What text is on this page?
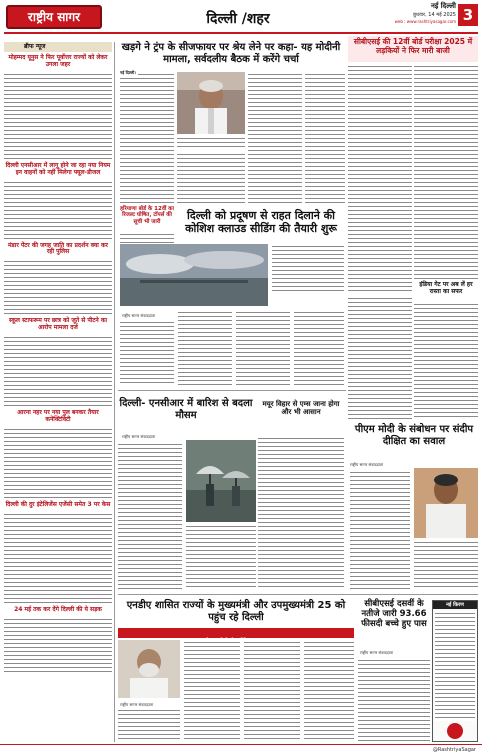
राष्ट्रीय सागर	दिल्ली /शहर
नई दिल्ली
बुधवार, 14 मई 2025
web : www.rashtriyasagar.com 3
ब्रीफ न्यूज
मोहम्मद यूनुस ने फिर पूर्वोत्तर राज्यों को लेकर उगला जहर
दिल्ली एनसीआर में लागू होने जा रहा नया नियम इन वाहनों को नहीं मिलेगा फ्यूल-डीजल
मंडार पेंटर की जगह जाति का प्रदर्शन क्या कर रही पुलिस
स्कूल स्टाफरूम पर छात्र को जूते से पीटने का आरोप मामला दर्ज
आरना नहर पर नया पुल बनकर तैयार कनेक्टिविटी
दिल्ली की दुर इंटेलिजेंस एजेंसी समेत 3 पर केस
24 मई तक कर देंगे दिल्ली की ये सड़क
खड़गे ने ट्रंप के सीजफायर पर श्रेय लेने पर कहा- यह मोदीनी मामला, सर्वदलीय बैठक में करेंगे चर्चा
नई दिल्ली।
सीबीएसई की 12वीं बोर्ड परीक्षा 2025 में लड़कियों ने फिर मारी बाजी
हरियाणा बोर्ड के 12वीं का रिजल्ट घोषित, टॉपर्स की सूची भी जारी	दिल्ली को प्रदूषण से राहत दिलाने की कोशिश क्लाउड सीडिंग की तैयारी शुरू
राष्ट्रीय सागर संवाददाता
इंडिया गेट पर अब लें हर रास्ता का सफर
दिल्ली- एनसीआर में बारिश से बदला मौसम
राष्ट्रीय सागर संवाददाता
मयूर विहार से एम्स जाना होगा और भी आसान
पीएम मोदी के संबोधन पर संदीप दीक्षित का सवाल
राष्ट्रीय सागर संवाददाता
एनडीए शासित राज्यों के मुख्यमंत्री और उपमुख्यमंत्री 25 को पहुंच रहे दिल्ली
करेंगे
राष्ट्रीय सागर संवाददाता
सीबीएसई दसवीं के नतीजे जारी 93.66 फीसदी बच्चे हुए पास
राष्ट्रीय सागर संवाददाता
नई किरण
@RashtriyaSagar
